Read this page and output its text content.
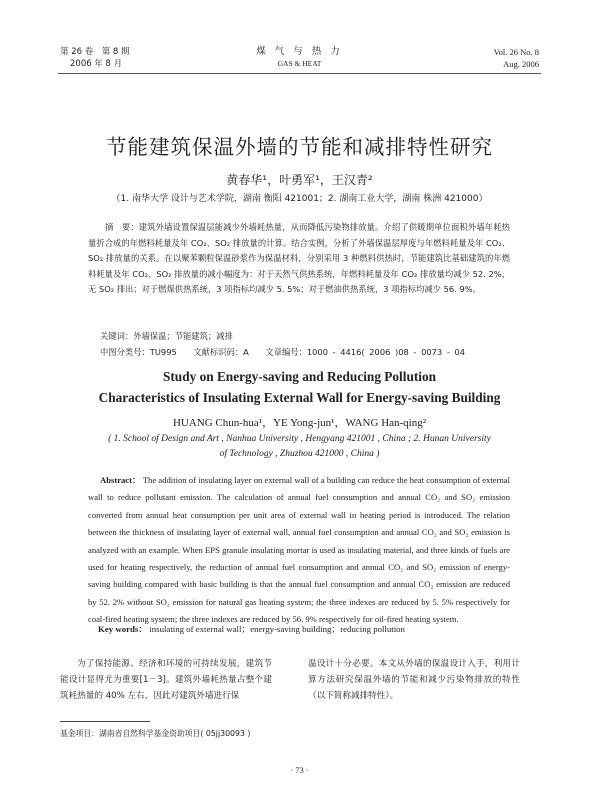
第 26 卷　第 8 期
2006 年 8 月
煤 气 与 热 力
GAS & HEAT
Vol. 26 No. 8
Aug. 2006
节能建筑保温外墙的节能和减排特性研究
黄春华¹，叶勇军¹，王汉青²
（1. 南华大学 设计与艺术学院，湖南 衡阳 421001；2. 湖南工业大学，湖南 株洲 421000）
摘　要：建筑外墙设置保温层能减少外墙耗热量，从而降低污染物排放量。介绍了供暖期单位面积外墙年耗热量折合成的年燃料耗量及年 CO₂、SO₂ 排放量的计算。结合实例，分析了外墙保温层厚度与年燃料耗量及年 CO₂、SO₂ 排放量的关系。在以聚苯颗粒保温砂浆作为保温材料，分别采用 3 种燃料供热时，节能建筑比基础建筑的年燃料耗量及年 CO₂、SO₂ 排放量的减小幅度为：对于天然气供热系统，年燃料耗量及年 CO₂ 排放量均减少 52. 2%，无 SO₂ 排出；对于燃煤供热系统，3 项指标均减少 5. 5%；对于燃油供热系统，3 项指标均减少 56. 9%。
关键词：外墙保温；节能建筑；减排
中图分类号：TU995　　文献标识码：A　　文章编号：1000 - 4416( 2006 )08 - 0073 - 04
Study on Energy-saving and Reducing Pollution
Characteristics of Insulating External Wall for Energy-saving Building
HUANG Chun-hua¹，YE Yong-jun¹，WANG Han-qing²
( 1. School of Design and Art , Nanhua University , Hengyang 421001 , China ; 2. Hunan University
of Technology , Zhuzhou 421000 , China )
Abstract： The addition of insulating layer on external wall of a building can reduce the heat consumption of external wall to reduce pollutant emission. The calculation of annual fuel consumption and annual CO₂ and SO₂ emission converted from annual heat consumption per unit area of external wall in heating period is introduced. The relation between the thickness of insulating layer of external wall, annual fuel consumption and annual CO₂ and SO₂ emission is analyzed with an example. When EPS granule insulating mortar is used as insulating material, and three kinds of fuels are used for heating respectively, the reduction of annual fuel consumption and annual CO₂ and SO₂ emission of energy-saving building compared with basic building is that the annual fuel consumption and annual CO₂ emission are reduced by 52. 2% without SO₂ emission for natural gas heating system; the three indexes are reduced by 5. 5% respectively for coal-fired heating system; the three indexes are reduced by 56. 9% respectively for oil-fired heating system.
Key words： insulating of external wall；energy-saving building；reducing pollution
为了保持能源、经济和环境的可持续发展，建筑节能设计显得尤为重要[1－3]。建筑外墙耗热量占整个建筑耗热量的 40% 左右，因此对建筑外墙进行保
温设计十分必要。本文从外墙的保温设计入手，利用计算方法研究保温外墙的节能和减少污染物排放的特性（以下简称减排特性）。
基金项目：湖南省自然科学基金资助项目( 05jj30093 )
· 73 ·
